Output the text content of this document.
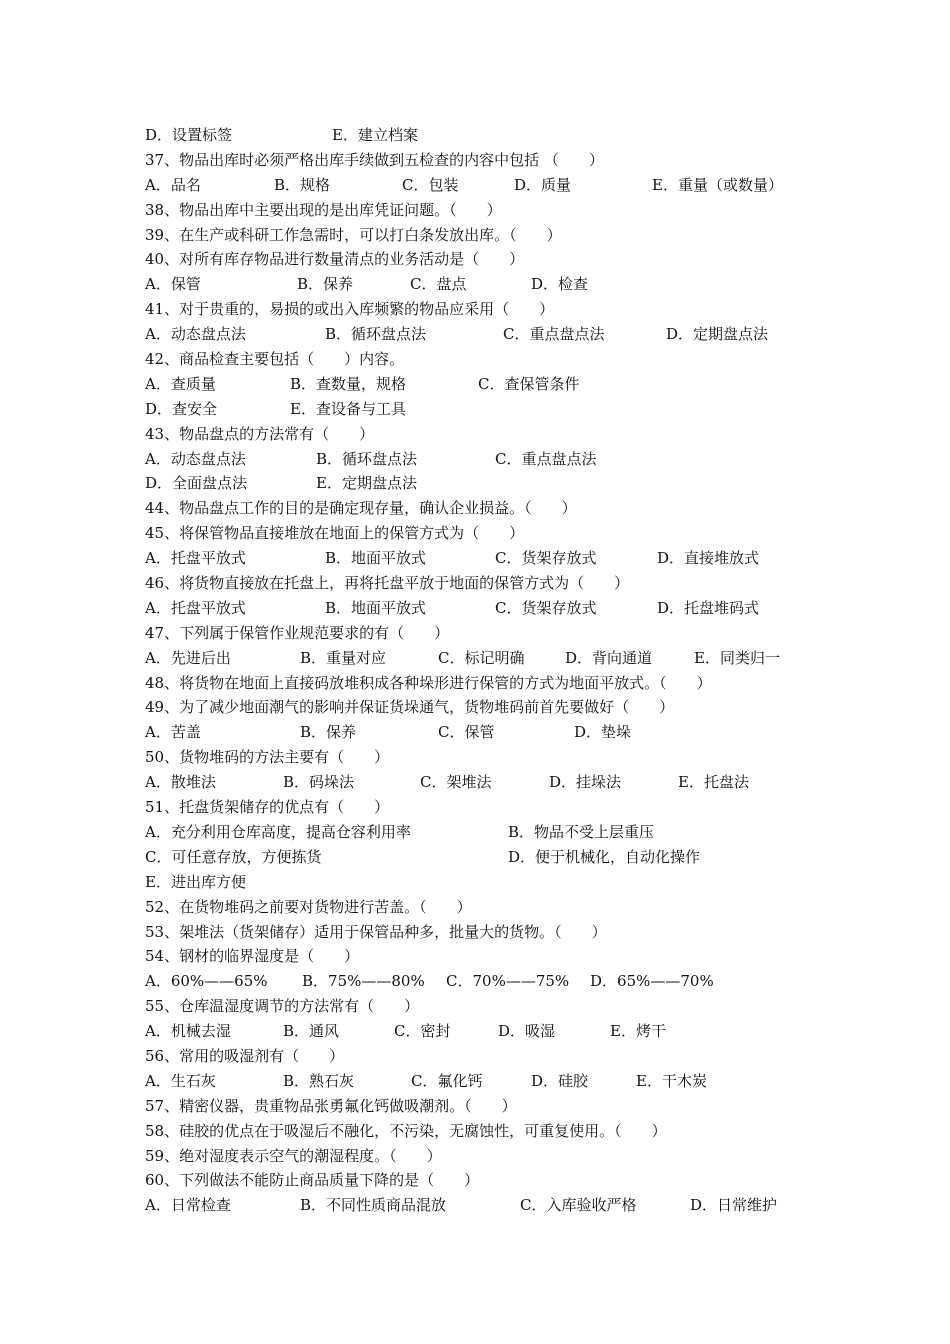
D．设置标签	E．建立档案
37、物品出库时必须严格出库手续做到五检查的内容中包括 （　　）
A．品名	B．规格	C．包装	D．质量	E．重量（或数量）
38、物品出库中主要出现的是出库凭证问题。（　　）
39、在生产或科研工作急需时，可以打白条发放出库。（　　）
40、对所有库存物品进行数量清点的业务活动是（　　）
A．保管	B．保养	C．盘点	D．检查
41、对于贵重的，易损的或出入库频繁的物品应采用（　　）
A．动态盘点法	B．循环盘点法	C．重点盘点法	D．定期盘点法
42、商品检查主要包括（　　）内容。
A．查质量	B．查数量，规格	C．查保管条件
D．查安全	E．查设备与工具
43、物品盘点的方法常有（　　）
A．动态盘点法	B．循环盘点法	C．重点盘点法
D．全面盘点法	E．定期盘点法
44、物品盘点工作的目的是确定现存量，确认企业损益。（　　）
45、将保管物品直接堆放在地面上的保管方式为（　　）
A．托盘平放式	B．地面平放式	C．货架存放式	D．直接堆放式
46、将货物直接放在托盘上，再将托盘平放于地面的保管方式为（　　）
A．托盘平放式	B．地面平放式	C．货架存放式	D．托盘堆码式
47、下列属于保管作业规范要求的有（　　）
A．先进后出	B．重量对应	C．标记明确	D．背向通道	E．同类归一
48、将货物在地面上直接码放堆积成各种垛形进行保管的方式为地面平放式。（　　）
49、为了减少地面潮气的影响并保证货垛通气，货物堆码前首先要做好（　　）
A．苦盖	B．保养	C．保管	D．垫垛
50、货物堆码的方法主要有（　　）
A．散堆法	B．码垛法	C．架堆法	D．挂垛法	E．托盘法
51、托盘货架储存的优点有（　　）
A．充分利用仓库高度，提高仓容利用率	B．物品不受上层重压
C．可任意存放，方便拣货	D．便于机械化，自动化操作
E．进出库方便
52、在货物堆码之前要对货物进行苦盖。（　　）
53、架堆法（货架储存）适用于保管品种多，批量大的货物。（　　）
54、钢材的临界湿度是（　　）
A．60%——65% B．75%——80% C．70%——75% D．65%——70%
55、仓库温湿度调节的方法常有（　　）
A．机械去湿	B．通风	C．密封	D．吸湿	E．烤干
56、常用的吸湿剂有（　　）
A．生石灰	B．熟石灰	C．氟化钙	D．硅胶	E．干木炭
57、精密仪器，贵重物品张勇氟化钙做吸潮剂。（　　）
58、硅胶的优点在于吸湿后不融化，不污染，无腐蚀性，可重复使用。（　　）
59、绝对湿度表示空气的潮湿程度。（　　）
60、下列做法不能防止商品质量下降的是（　　）
A．日常检查	B．不同性质商品混放	C．入库验收严格	D．日常维护
